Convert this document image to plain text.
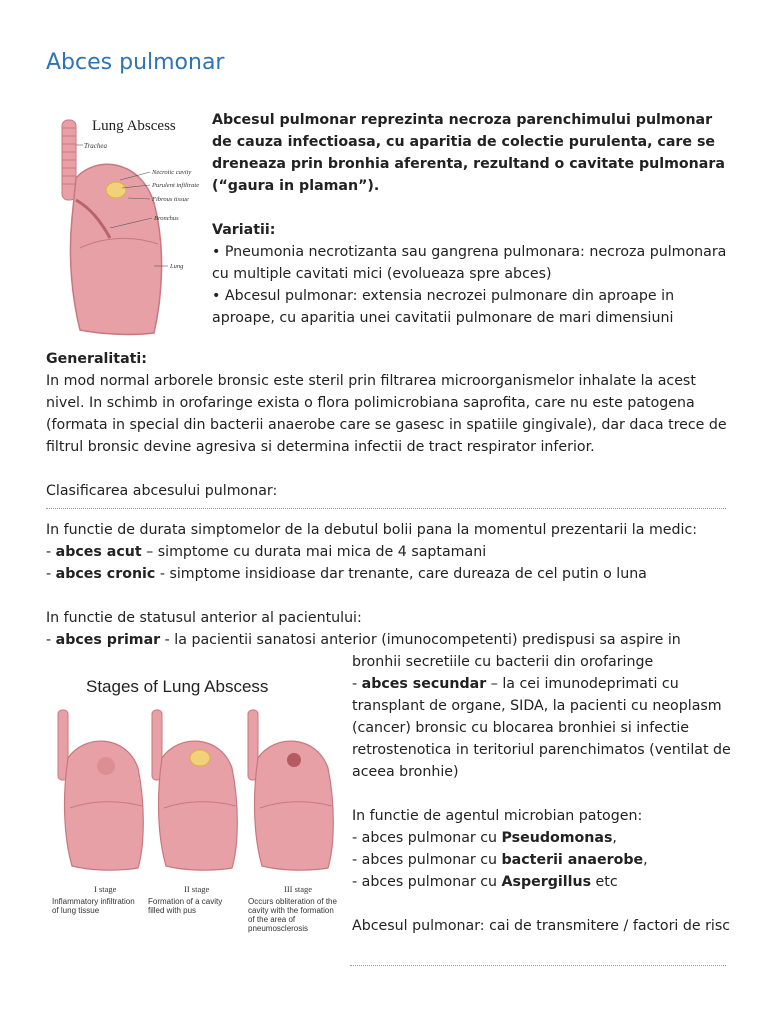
Abces pulmonar
Lung Abscess
Trachea
Necrotic cavity
Purulent infiltrate
Fibrous tissue
Bronchus
Lung

Abcesul pulmonar reprezinta necroza parenchimului pulmonar de cauza infectioasa, cu aparitia de colectie purulenta, care se dreneaza prin bronhia aferenta, rezultand o cavitate pulmonara (“gaura in plaman”).

Variatii:

• Pneumonia necrotizanta sau gangrena pulmonara: necroza pulmonara cu multiple cavitati mici (evolueaza spre abces)

• Abcesul pulmonar: extensia necrozei pulmonare din aproape in aproape, cu aparitia unei cavitatii pulmonare de mari dimensiuni

Generalitati:

In mod normal arborele bronsic este steril prin filtrarea microorganismelor inhalate la acest nivel. In schimb in orofaringe exista o flora polimicrobiana saprofita, care nu este patogena (formata in special din bacterii anaerobe care se gasesc in spatiile gingivale), dar daca trece de filtrul bronsic devine agresiva si determina infectii de tract respirator inferior.

Clasificarea abcesului pulmonar:

In functie de durata simptomelor de la debutul bolii pana la momentul prezentarii la medic:

- abces acut – simptome cu durata mai mica de 4 saptamani

- abces cronic - simptome insidioase dar trenante, care dureaza de cel putin o luna

In functie de statusul anterior al pacientului:

- abces primar - la pacientii sanatosi anterior (imunocompetenti) predispusi sa aspire in

Stages of Lung Abscess
I stage	II stage	III stage
Inflammatory infiltration of lung tissue
Formation of a cavity filled with pus
Occurs obliteration of the cavity with the formation of the area of pneumosclerosis

bronhii secretiile cu bacterii din orofaringe

- abces secundar – la cei imunodeprimati cu transplant de organe, SIDA, la pacienti cu neoplasm (cancer) bronsic cu blocarea bronhiei si infectie retrostenotica in teritoriul parenchimatos (ventilat de aceea bronhie)

In functie de agentul microbian patogen:

- abces pulmonar cu Pseudomonas,

- abces pulmonar cu bacterii anaerobe,

- abces pulmonar cu Aspergillus etc

Abcesul pulmonar: cai de transmitere / factori de risc
